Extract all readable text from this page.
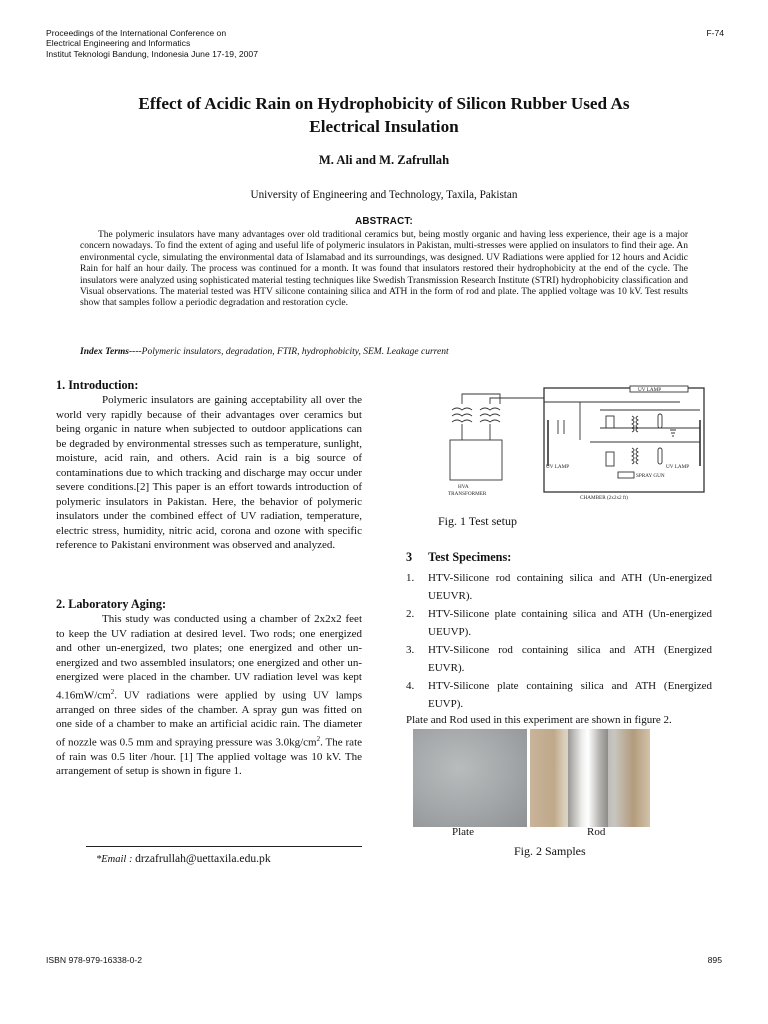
Proceedings of the International Conference on
Electrical Engineering and Informatics
Institut Teknologi Bandung, Indonesia June 17-19, 2007
F-74
Effect of Acidic Rain on Hydrophobicity of Silicon Rubber Used As
Electrical Insulation
M. Ali and M. Zafrullah
University of Engineering and Technology, Taxila, Pakistan
ABSTRACT:
The polymeric insulators have many advantages over old traditional ceramics but, being mostly organic and having less experience, their age is a major concern nowadays. To find the extent of aging and useful life of polymeric insulators in Pakistan, multi-stresses were applied on insulators to find their age. An environmental cycle, simulating the environmental data of Islamabad and its surroundings, was designed. UV Radiations were applied for 12 hours and Acidic Rain for half an hour daily. The process was continued for a month. It was found that insulators restored their hydrophobicity at the end of the cycle. The insulators were analyzed using sophisticated material testing techniques like Swedish Transmission Research Institute (STRI) hydrophobicity classification and Visual observations. The material tested was HTV silicone containing silica and ATH in the form of rod and plate. The applied voltage was 10 kV. Test results show that samples follow a periodic degradation and restoration cycle.
Index Terms----Polymeric insulators, degradation, FTIR, hydrophobicity, SEM. Leakage current
1. Introduction:

Polymeric insulators are gaining acceptability all over the world very rapidly because of their advantages over ceramics but being organic in nature when subjected to outdoor applications can be degraded by environmental stresses such as temperature, sunlight, moisture, acid rain, and others. Acid rain is a big source of contaminations due to which tracking and discharge may occur under severe conditions.[2] This paper is an effort towards introduction of polymeric insulators in Pakistan. Here, the behavior of polymeric insulators under the combined effect of UV radiation, temperature, electric stress, humidity, nitric acid, corona and ozone with specific reference to Pakistani environment was observed and analyzed.

2. Laboratory Aging:

This study was conducted using a chamber of 2x2x2 feet to keep the UV radiation at desired level. Two rods; one energized and other un-energized, two plates; one energized and other un-energized and two assembled insulators; one energized and other un-energized were placed in the chamber. UV radiation level was kept $4.16mW/cm^2$. UV radiations were applied by using UV lamps arranged on three sides of the chamber. A spray gun was fitted on one side of a chamber to make an artificial acidic rain. The diameter of nozzle was 0.5 mm and spraying pressure was $3.0kg/cm^2$. The rate of rain was 0.5 liter /hour. [1] The applied voltage was 10 kV. The arrangement of setup is shown in figure 1.

*Email : drzafrullah@uettaxila.edu.pk
UV LAMP
UV LAMP	UV LAMP
SPRAY GUN
HVA
TRANSFORMER
CHAMBER (2x2x2 ft)
Fig. 1 Test setup
3 Test Specimens:
1. HTV-Silicone rod containing silica and ATH (Un-energized UEUVR).
2. HTV-Silicone plate containing silica and ATH (Un-energized UEUVP).
3. HTV-Silicone rod containing silica and ATH (Energized EUVR).
4. HTV-Silicone plate containing silica and ATH (Energized EUVP).
Plate and Rod used in this experiment are shown in figure 2.
Plate	Rod
Fig. 2 Samples
ISBN 978-979-16338-0-2	895
